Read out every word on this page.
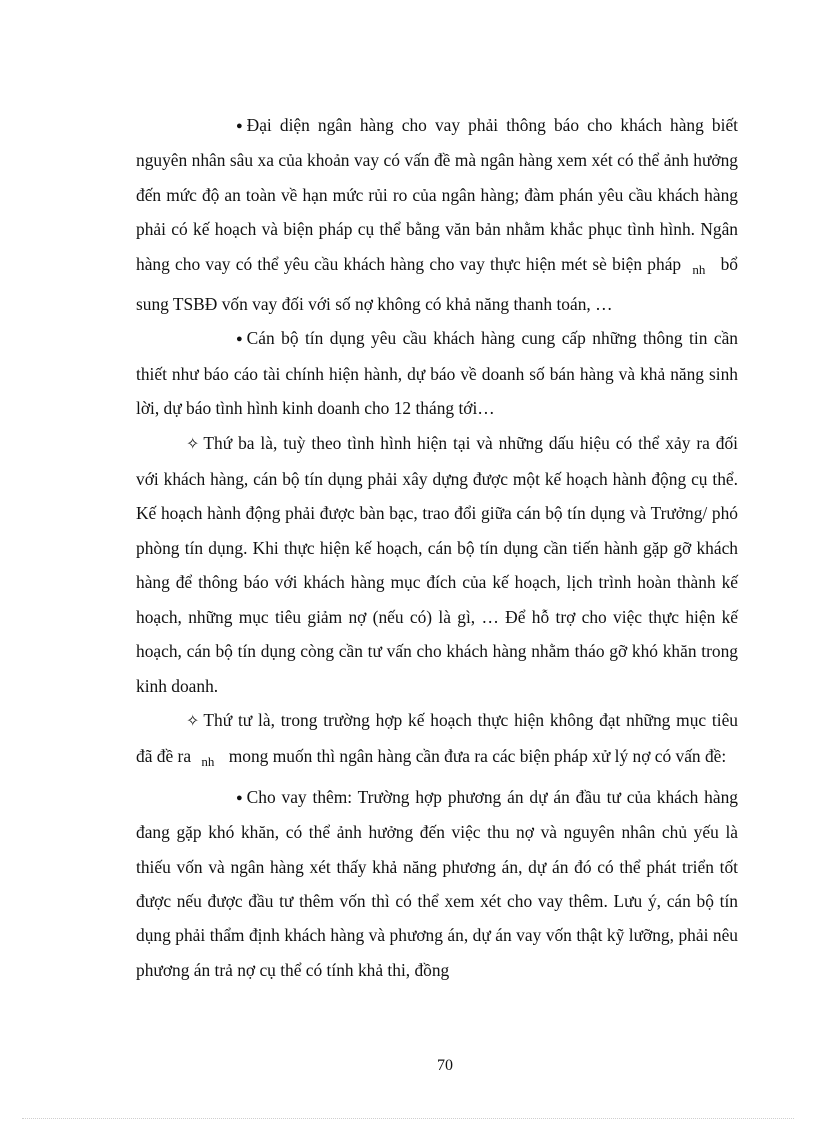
● Đại diện ngân hàng cho vay phải thông báo cho khách hàng biết nguyên nhân sâu xa của khoản vay có vấn đề mà ngân hàng xem xét có thể ảnh hưởng đến mức độ an toàn về hạn mức rủi ro của ngân hàng; đàm phán yêu cầu khách hàng phải có kế hoạch và biện pháp cụ thể bằng văn bản nhằm khắc phục tình hình. Ngân hàng cho vay có thể yêu cầu khách hàng cho vay thực hiện mét sè biện pháp $_{nh}$ bổ sung TSBĐ vốn vay đối với số nợ không có khả năng thanh toán, …

● Cán bộ tín dụng yêu cầu khách hàng cung cấp những thông tin cần thiết như báo cáo tài chính hiện hành, dự báo về doanh số bán hàng và khả năng sinh lời, dự báo tình hình kinh doanh cho 12 tháng tới…

✧ Thứ ba là, tuỳ theo tình hình hiện tại và những dấu hiệu có thể xảy ra đối với khách hàng, cán bộ tín dụng phải xây dựng được một kế hoạch hành động cụ thể. Kế hoạch hành động phải được bàn bạc, trao đổi giữa cán bộ tín dụng và Trưởng/ phó phòng tín dụng. Khi thực hiện kế hoạch, cán bộ tín dụng cần tiến hành gặp gỡ khách hàng để thông báo với khách hàng mục đích của kế hoạch, lịch trình hoàn thành kế hoạch, những mục tiêu giảm nợ (nếu có) là gì, … Để hỗ trợ cho việc thực hiện kế hoạch, cán bộ tín dụng còng cần tư vấn cho khách hàng nhằm tháo gỡ khó khăn trong kinh doanh.

✧ Thứ tư là, trong trường hợp kế hoạch thực hiện không đạt những mục tiêu đã đề ra $_{nh}$ mong muốn thì ngân hàng cần đưa ra các biện pháp xử lý nợ có vấn đề:

● Cho vay thêm: Trường hợp phương án dự án đầu tư của khách hàng đang gặp khó khăn, có thể ảnh hưởng đến việc thu nợ và nguyên nhân chủ yếu là thiếu vốn và ngân hàng xét thấy khả năng phương án, dự án đó có thể phát triển tốt được nếu được đầu tư thêm vốn thì có thể xem xét cho vay thêm. Lưu ý, cán bộ tín dụng phải thẩm định khách hàng và phương án, dự án vay vốn thật kỹ lưỡng, phải nêu phương án trả nợ cụ thể có tính khả thi, đồng

70
